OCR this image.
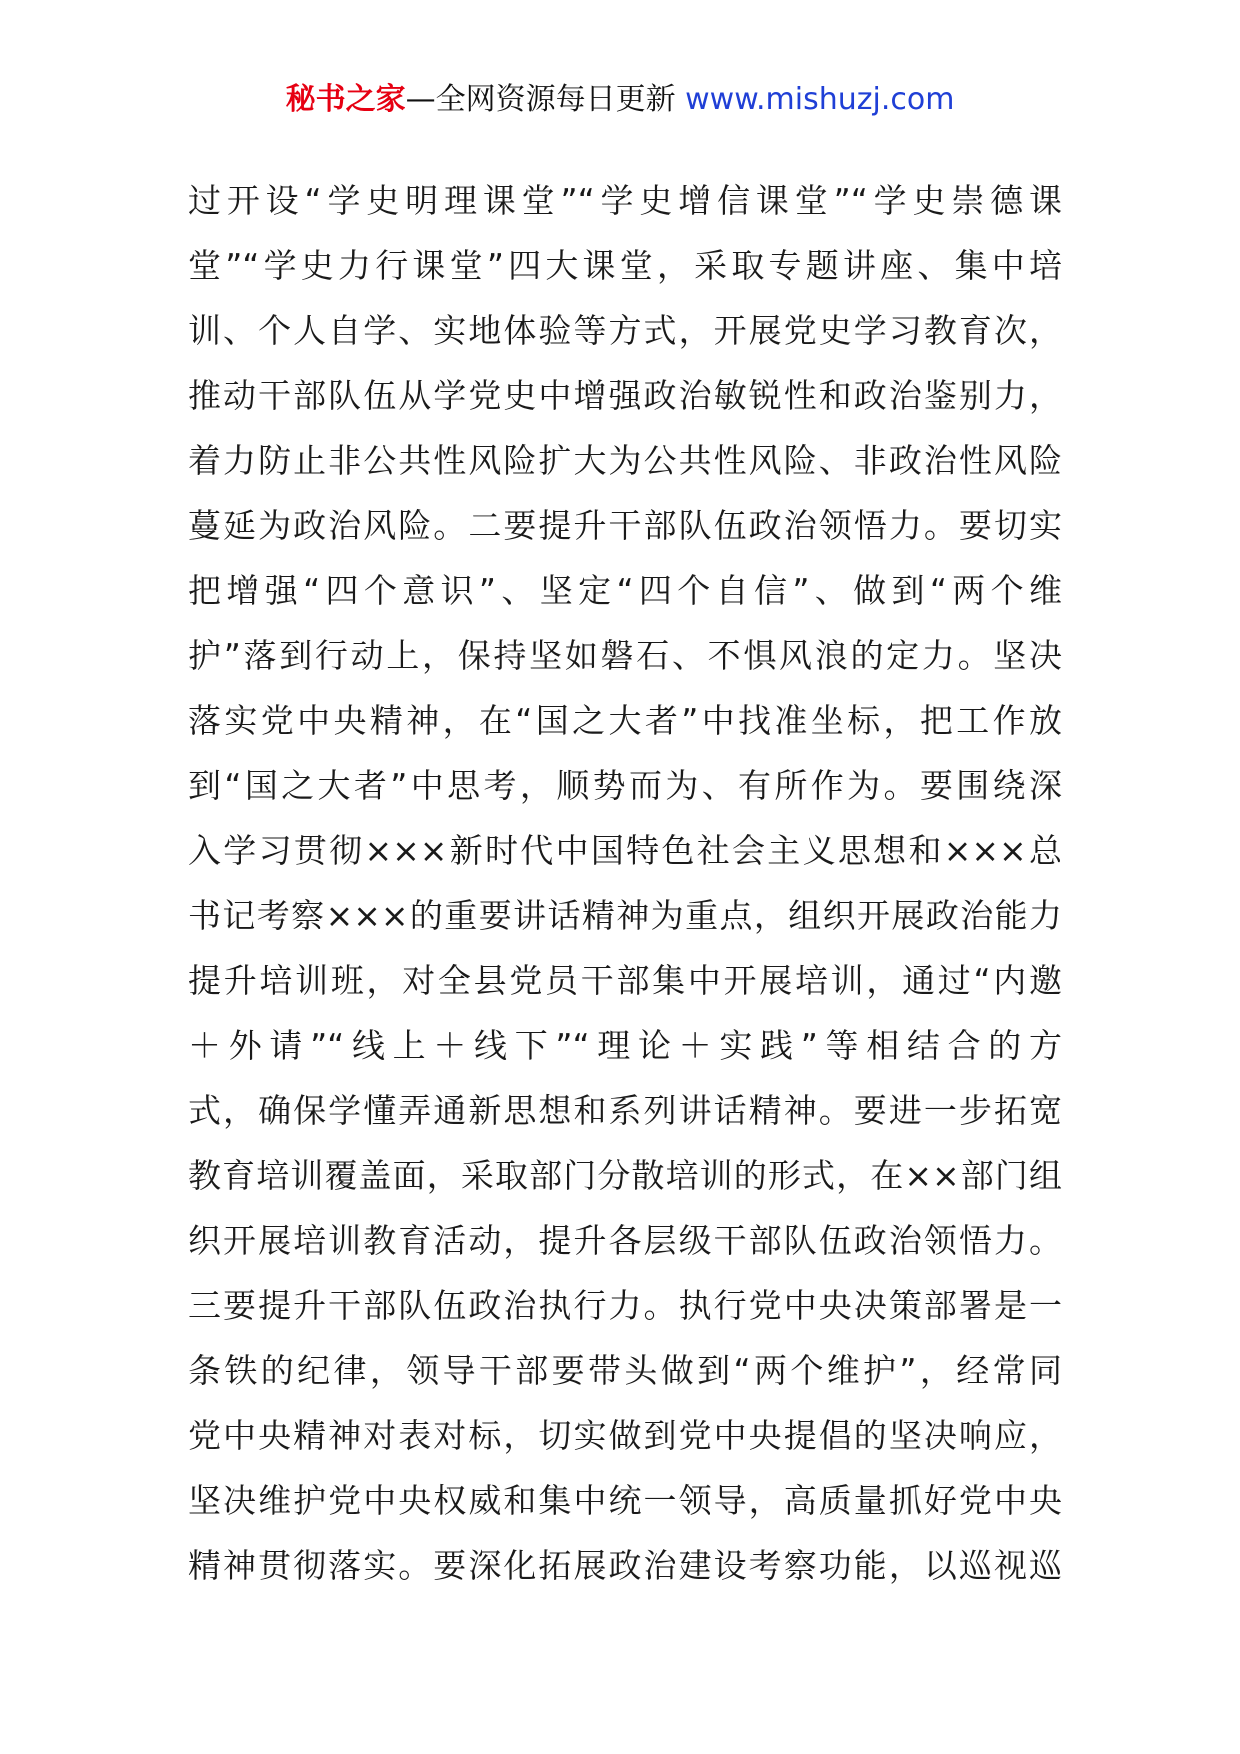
秘书之家—全网资源每日更新 www.mishuzj.com
过开设“学史明理课堂”“学史增信课堂”“学史崇德课
堂”“学史力行课堂”四大课堂，采取专题讲座、集中培
训、个人自学、实地体验等方式，开展党史学习教育次，
推动干部队伍从学党史中增强政治敏锐性和政治鉴别力，
着力防止非公共性风险扩大为公共性风险、非政治性风险
蔓延为政治风险。二要提升干部队伍政治领悟力。要切实
把增强“四个意识”、坚定“四个自信”、做到“两个维
护”落到行动上，保持坚如磐石、不惧风浪的定力。坚决
落实党中央精神，在“国之大者”中找准坐标，把工作放
到“国之大者”中思考，顺势而为、有所作为。要围绕深
入学习贯彻×××新时代中国特色社会主义思想和×××总
书记考察×××的重要讲话精神为重点，组织开展政治能力
提升培训班，对全县党员干部集中开展培训，通过“内邀
＋外请”“线上＋线下”“理论＋实践”等相结合的方
式，确保学懂弄通新思想和系列讲话精神。要进一步拓宽
教育培训覆盖面，采取部门分散培训的形式，在××部门组
织开展培训教育活动，提升各层级干部队伍政治领悟力。
三要提升干部队伍政治执行力。执行党中央决策部署是一
条铁的纪律，领导干部要带头做到“两个维护”，经常同
党中央精神对表对标，切实做到党中央提倡的坚决响应，
坚决维护党中央权威和集中统一领导，高质量抓好党中央
精神贯彻落实。要深化拓展政治建设考察功能，以巡视巡
